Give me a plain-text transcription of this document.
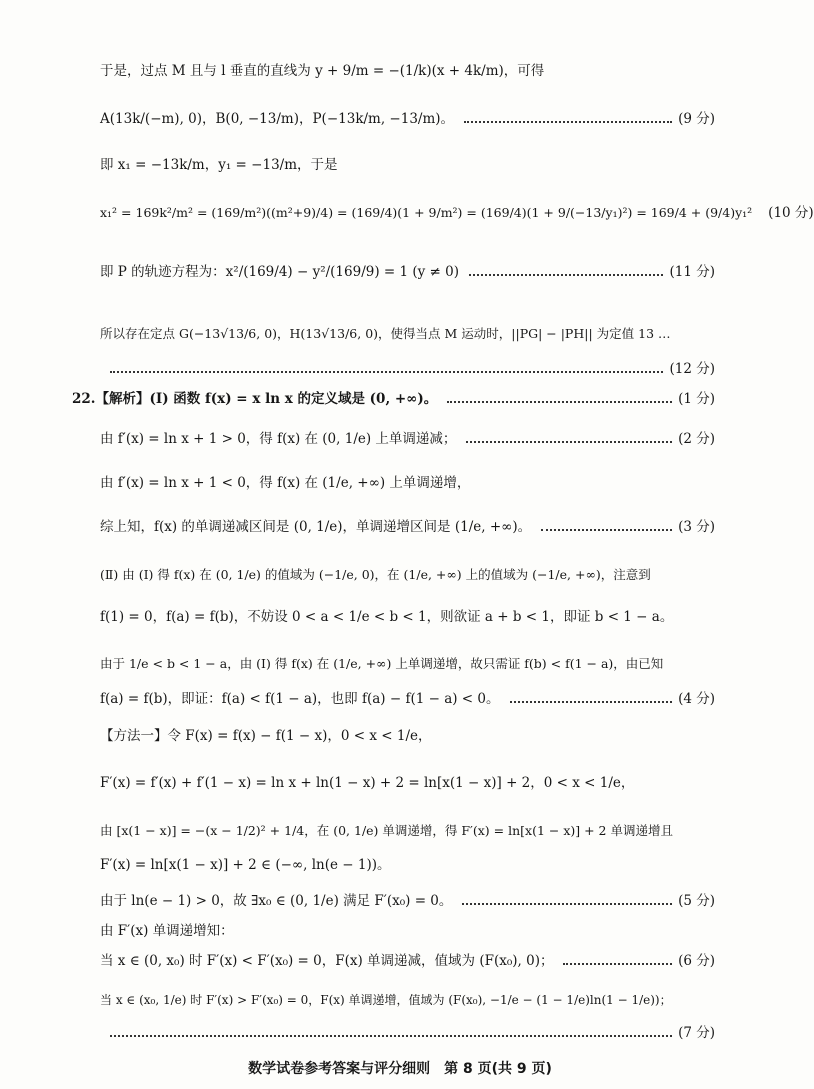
于是，过点 M 且与 l 垂直的直线为 y + 9/m = −(1/k)(x + 4k/m)，可得
A(13k/(−m), 0)，B(0, −13/m)，P(−13k/m, −13/m)。	(9 分)
即 x₁ = −13k/m，y₁ = −13/m，于是
x₁² = 169k²/m² = (169/m²)((m²+9)/4) = (169/4)(1 + 9/m²) = (169/4)(1 + 9/(−13/y₁)²) = 169/4 + (9/4)y₁² (10 分)
即 P 的轨迹方程为：x²/(169/4) − y²/(169/9) = 1 (y ≠ 0)	(11 分)
所以存在定点 G(−13√13/6, 0)，H(13√13/6, 0)，使得当点 M 运动时，||PG| − |PH|| 为定值 13 …
(12 分)
22.【解析】(Ⅰ) 函数 f(x) = x ln x 的定义域是 (0, +∞)。	(1 分)
由 f′(x) = ln x + 1 > 0，得 f(x) 在 (0, 1/e) 上单调递减；	(2 分)
由 f′(x) = ln x + 1 < 0，得 f(x) 在 (1/e, +∞) 上单调递增，
综上知，f(x) 的单调递减区间是 (0, 1/e)，单调递增区间是 (1/e, +∞)。	(3 分)
(Ⅱ) 由 (Ⅰ) 得 f(x) 在 (0, 1/e) 的值域为 (−1/e, 0)，在 (1/e, +∞) 上的值域为 (−1/e, +∞)，注意到
f(1) = 0，f(a) = f(b)，不妨设 0 < a < 1/e < b < 1，则欲证 a + b < 1，即证 b < 1 − a。
由于 1/e < b < 1 − a，由 (Ⅰ) 得 f(x) 在 (1/e, +∞) 上单调递增，故只需证 f(b) < f(1 − a)，由已知
f(a) = f(b)，即证：f(a) < f(1 − a)，也即 f(a) − f(1 − a) < 0。	(4 分)
【方法一】令 F(x) = f(x) − f(1 − x)，0 < x < 1/e，
F′(x) = f′(x) + f′(1 − x) = ln x + ln(1 − x) + 2 = ln[x(1 − x)] + 2，0 < x < 1/e，
由 [x(1 − x)] = −(x − 1/2)² + 1/4，在 (0, 1/e) 单调递增，得 F′(x) = ln[x(1 − x)] + 2 单调递增且
F′(x) = ln[x(1 − x)] + 2 ∈ (−∞, ln(e − 1))。
由于 ln(e − 1) > 0，故 ∃x₀ ∈ (0, 1/e) 满足 F′(x₀) = 0。	(5 分)
由 F′(x) 单调递增知：
当 x ∈ (0, x₀) 时 F′(x) < F′(x₀) = 0，F(x) 单调递减，值域为 (F(x₀), 0)；	(6 分)
当 x ∈ (x₀, 1/e) 时 F′(x) > F′(x₀) = 0，F(x) 单调递增，值域为 (F(x₀), −1/e − (1 − 1/e)ln(1 − 1/e))；
(7 分)
数学试卷参考答案与评分细则　第 8 页(共 9 页)
